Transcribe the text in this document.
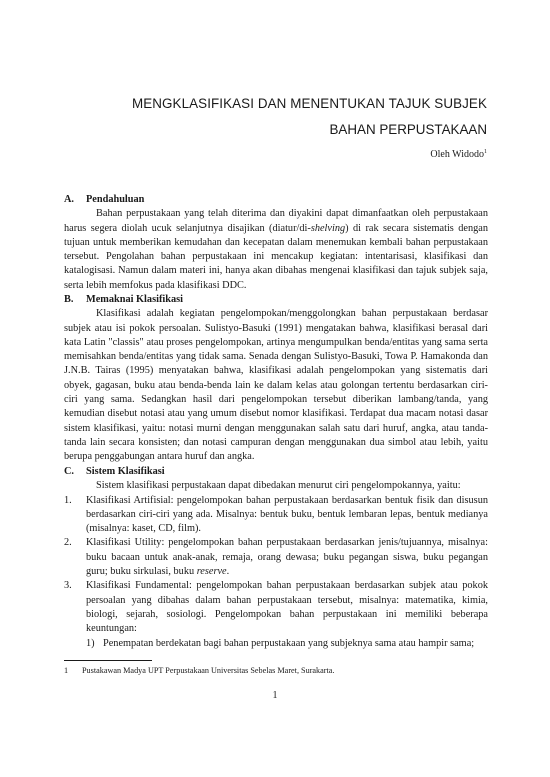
MENGKLASIFIKASI DAN MENENTUKAN TAJUK SUBJEK
BAHAN PERPUSTAKAAN
Oleh Widodo$^1$
A. Pendahuluan

Bahan perpustakaan yang telah diterima dan diyakini dapat dimanfaatkan oleh perpustakaan harus segera diolah ucuk selanjutnya disajikan (diatur/di-shelving) di rak secara sistematis dengan tujuan untuk memberikan kemudahan dan kecepatan dalam menemukan kembali bahan perpustakaan tersebut. Pengolahan bahan perpustakaan ini mencakup kegiatan: intentarisasi, klasifikasi dan katalogisasi. Namun dalam materi ini, hanya akan dibahas mengenai klasifikasi dan tajuk subjek saja, serta lebih memfokus pada klasifikasi DDC.

B. Memaknai Klasifikasi

Klasifikasi adalah kegiatan pengelompokan/menggolongkan bahan perpustakaan berdasar subjek atau isi pokok persoalan. Sulistyo-Basuki (1991) mengatakan bahwa, klasifikasi berasal dari kata Latin "classis" atau proses pengelompokan, artinya mengumpulkan benda/entitas yang sama serta memisahkan benda/entitas yang tidak sama. Senada dengan Sulistyo-Basuki, Towa P. Hamakonda dan J.N.B. Tairas (1995) menyatakan bahwa, klasifikasi adalah pengelompokan yang sistematis dari obyek, gagasan, buku atau benda-benda lain ke dalam kelas atau golongan tertentu berdasarkan ciri-ciri yang sama. Sedangkan hasil dari pengelompokan tersebut diberikan lambang/tanda, yang kemudian disebut notasi atau yang umum disebut nomor klasifikasi. Terdapat dua macam notasi dasar sistem klasifikasi, yaitu: notasi murni dengan menggunakan salah satu dari huruf, angka, atau tanda-tanda lain secara konsisten; dan notasi campuran dengan menggunakan dua simbol atau lebih, yaitu berupa penggabungan antara huruf dan angka.

C. Sistem Klasifikasi

Sistem klasifikasi perpustakaan dapat dibedakan menurut ciri pengelompokannya, yaitu:

1. Klasifikasi Artifisial: pengelompokan bahan perpustakaan berdasarkan bentuk fisik dan disusun berdasarkan ciri-ciri yang ada. Misalnya: bentuk buku, bentuk lembaran lepas, bentuk medianya (misalnya: kaset, CD, film).
2. Klasifikasi Utility: pengelompokan bahan perpustakaan berdasarkan jenis/tujuannya, misalnya: buku bacaan untuk anak-anak, remaja, orang dewasa; buku pegangan siswa, buku pegangan guru; buku sirkulasi, buku reserve.
3. Klasifikasi Fundamental: pengelompokan bahan perpustakaan berdasarkan subjek atau pokok persoalan yang dibahas dalam bahan perpustakaan tersebut, misalnya: matematika, kimia, biologi, sejarah, sosiologi. Pengelompokan bahan perpustakaan ini memiliki beberapa keuntungan:
1) Penempatan berdekatan bagi bahan perpustakaan yang subjeknya sama atau hampir sama;
1 Pustakawan Madya UPT Perpustakaan Universitas Sebelas Maret, Surakarta.
1
